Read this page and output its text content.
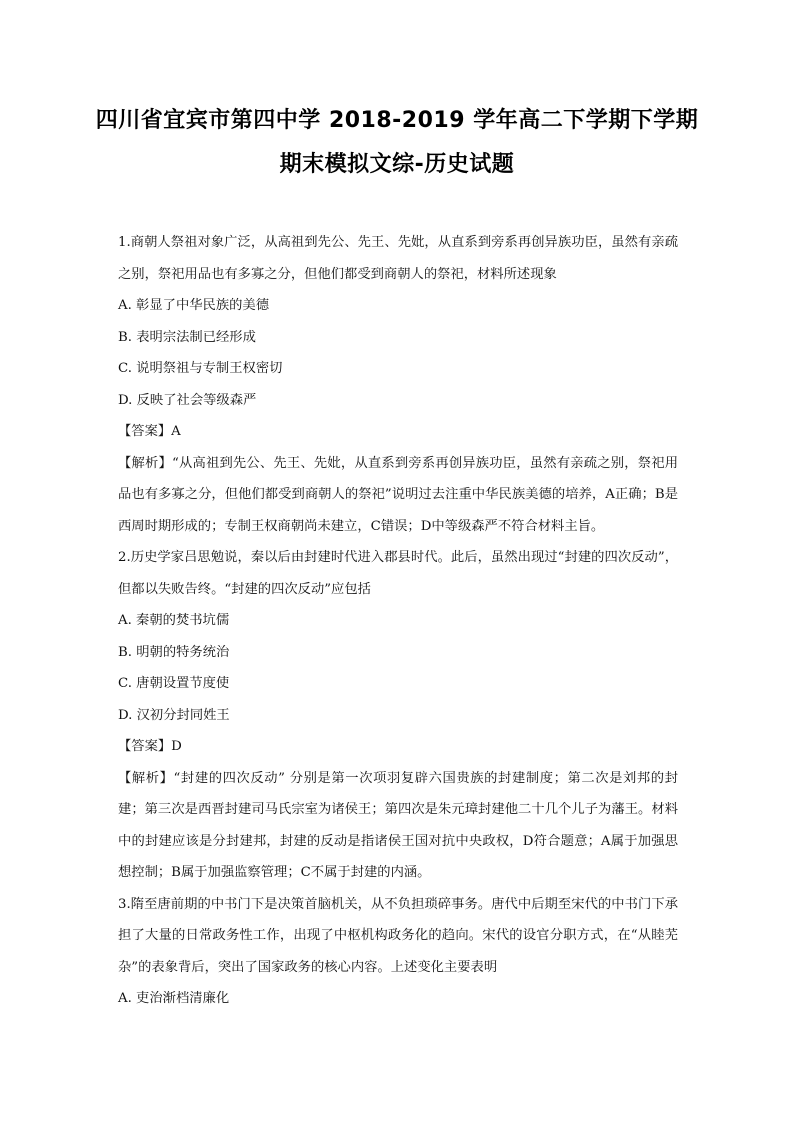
四川省宜宾市第四中学 2018-2019 学年高二下学期下学期
期末模拟文综-历史试题

1.商朝人祭祖对象广泛，从高祖到先公、先王、先妣，从直系到旁系再创异族功臣，虽然有亲疏之别，祭祀用品也有多寡之分，但他们都受到商朝人的祭祀，材料所述现象

A. 彰显了中华民族的美德

B. 表明宗法制已经形成

C. 说明祭祖与专制王权密切

D. 反映了社会等级森严

【答案】A

【解析】“从高祖到先公、先王、先妣，从直系到旁系再创异族功臣，虽然有亲疏之别，祭祀用品也有多寡之分，但他们都受到商朝人的祭祀”说明过去注重中华民族美德的培养，A正确；B是西周时期形成的；专制王权商朝尚未建立，C错误；D中等级森严不符合材料主旨。

2.历史学家吕思勉说，秦以后由封建时代进入郡县时代。此后，虽然出现过“封建的四次反动”，但都以失败告终。“封建的四次反动”应包括

A. 秦朝的焚书坑儒

B. 明朝的特务统治

C. 唐朝设置节度使

D. 汉初分封同姓王

【答案】D

【解析】“封建的四次反动” 分别是第一次项羽复辟六国贵族的封建制度；第二次是刘邦的封建；第三次是西晋封建司马氏宗室为诸侯王；第四次是朱元璋封建他二十几个儿子为藩王。材料中的封建应该是分封建邦，封建的反动是指诸侯王国对抗中央政权，D符合题意；A属于加强思想控制；B属于加强监察管理；C不属于封建的内涵。

3.隋至唐前期的中书门下是决策首脑机关，从不负担琐碎事务。唐代中后期至宋代的中书门下承担了大量的日常政务性工作，出现了中枢机构政务化的趋向。宋代的设官分职方式，在“从睦芜杂”的表象背后，突出了国家政务的核心内容。上述变化主要表明

A. 吏治渐档清廉化
